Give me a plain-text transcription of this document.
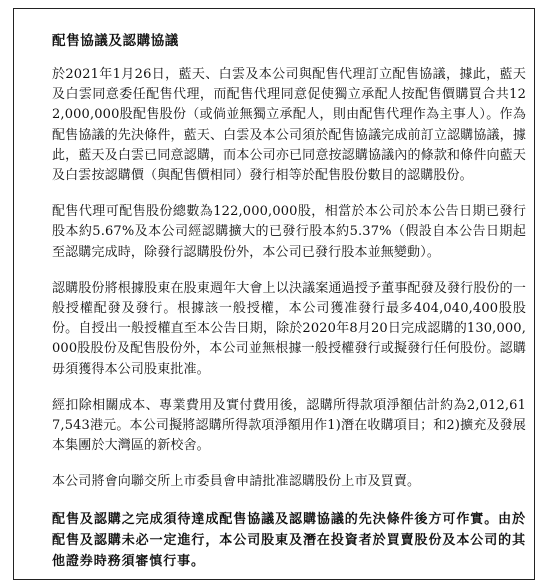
配售協議及認購協議

於2021年1月26日，藍天、白雲及本公司與配售代理訂立配售協議，據此，藍天及白雲同意委任配售代理，而配售代理同意促使獨立承配人按配售價購買合共122,000,000股配售股份（或倘並無獨立承配人，則由配售代理作為主事人）。作為配售協議的先決條件，藍天、白雲及本公司須於配售協議完成前訂立認購協議，據此，藍天及白雲已同意認購，而本公司亦已同意按認購協議內的條款和條件向藍天及白雲按認購價（與配售價相同）發行相等於配售股份數目的認購股份。

配售代理可配售股份總數為122,000,000股，相當於本公司於本公告日期已發行股本約5.67%及本公司經認購擴大的已發行股本約5.37%（假設自本公告日期起至認購完成時，除發行認購股份外，本公司已發行股本並無變動）。

認購股份將根據股東在股東週年大會上以決議案通過授予董事配發及發行股份的一般授權配發及發行。根據該一般授權，本公司獲准發行最多404,040,400股股份。自授出一般授權直至本公告日期，除於2020年8月20日完成認購的130,000,000股股份及配售股份外，本公司並無根據一般授權發行或擬發行任何股份。認購毋須獲得本公司股東批准。

經扣除相關成本、專業費用及實付費用後，認購所得款項淨額估計約為2,012,617,543港元。本公司擬將認購所得款項淨額用作1)潛在收購項目；和2)擴充及發展本集團於大灣區的新校舍。

本公司將會向聯交所上市委員會申請批准認購股份上市及買賣。

配售及認購之完成須待達成配售協議及認購協議的先決條件後方可作實。由於配售及認購未必一定進行，本公司股東及潛在投資者於買賣股份及本公司的其他證券時務須審慎行事。
